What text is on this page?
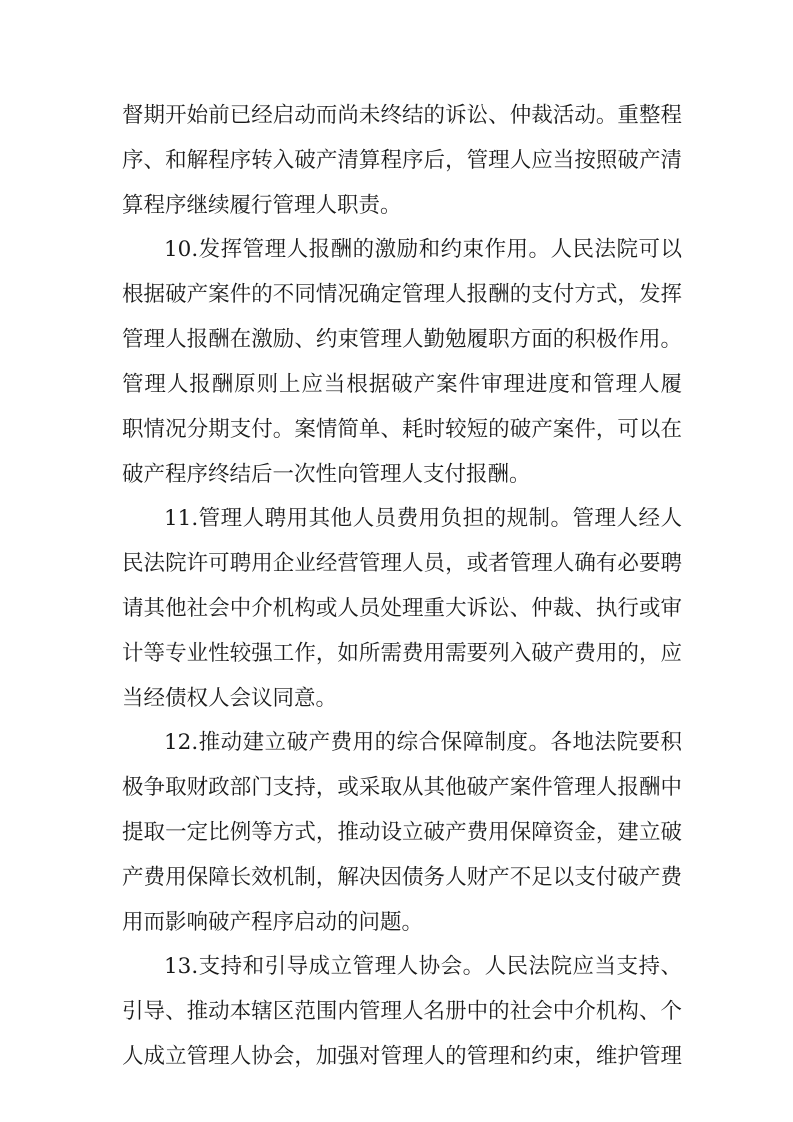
督期开始前已经启动而尚未终结的诉讼、仲裁活动。重整程
序、和解程序转入破产清算程序后，管理人应当按照破产清
算程序继续履行管理人职责。
10.发挥管理人报酬的激励和约束作用。人民法院可以
根据破产案件的不同情况确定管理人报酬的支付方式，发挥
管理人报酬在激励、约束管理人勤勉履职方面的积极作用。
管理人报酬原则上应当根据破产案件审理进度和管理人履
职情况分期支付。案情简单、耗时较短的破产案件，可以在
破产程序终结后一次性向管理人支付报酬。
11.管理人聘用其他人员费用负担的规制。管理人经人
民法院许可聘用企业经营管理人员，或者管理人确有必要聘
请其他社会中介机构或人员处理重大诉讼、仲裁、执行或审
计等专业性较强工作，如所需费用需要列入破产费用的，应
当经债权人会议同意。
12.推动建立破产费用的综合保障制度。各地法院要积
极争取财政部门支持，或采取从其他破产案件管理人报酬中
提取一定比例等方式，推动设立破产费用保障资金，建立破
产费用保障长效机制，解决因债务人财产不足以支付破产费
用而影响破产程序启动的问题。
13.支持和引导成立管理人协会。人民法院应当支持、
引导、推动本辖区范围内管理人名册中的社会中介机构、个
人成立管理人协会，加强对管理人的管理和约束，维护管理
